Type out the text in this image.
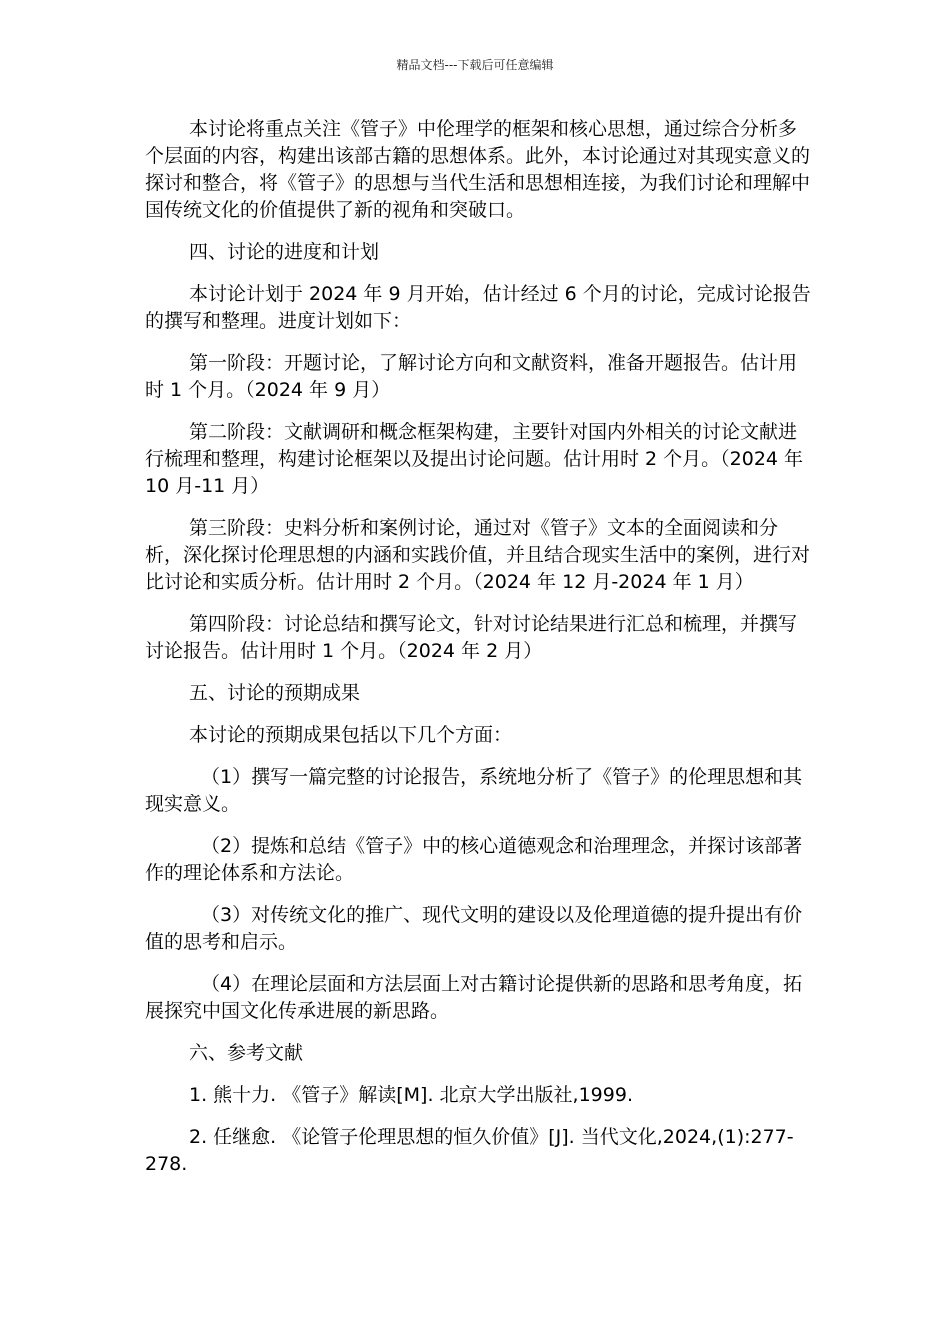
精品文档---下载后可任意编辑

本讨论将重点关注《管子》中伦理学的框架和核心思想，通过综合分析多个层面的内容，构建出该部古籍的思想体系。此外，本讨论通过对其现实意义的探讨和整合，将《管子》的思想与当代生活和思想相连接，为我们讨论和理解中国传统文化的价值提供了新的视角和突破口。

四、讨论的进度和计划

本讨论计划于 2024 年 9 月开始，估计经过 6 个月的讨论，完成讨论报告的撰写和整理。进度计划如下：

第一阶段：开题讨论，了解讨论方向和文献资料，准备开题报告。估计用时 1 个月。（2024 年 9 月）

第二阶段：文献调研和概念框架构建，主要针对国内外相关的讨论文献进行梳理和整理，构建讨论框架以及提出讨论问题。估计用时 2 个月。（2024 年 10 月-11 月）

第三阶段：史料分析和案例讨论，通过对《管子》文本的全面阅读和分析，深化探讨伦理思想的内涵和实践价值，并且结合现实生活中的案例，进行对比讨论和实质分析。估计用时 2 个月。（2024 年 12 月-2024 年 1 月）

第四阶段：讨论总结和撰写论文，针对讨论结果进行汇总和梳理，并撰写讨论报告。估计用时 1 个月。（2024 年 2 月）

五、讨论的预期成果

本讨论的预期成果包括以下几个方面：

（1）撰写一篇完整的讨论报告，系统地分析了《管子》的伦理思想和其现实意义。

（2）提炼和总结《管子》中的核心道德观念和治理理念，并探讨该部著作的理论体系和方法论。

（3）对传统文化的推广、现代文明的建设以及伦理道德的提升提出有价值的思考和启示。

（4）在理论层面和方法层面上对古籍讨论提供新的思路和思考角度，拓展探究中国文化传承进展的新思路。

六、参考文献

1. 熊十力. 《管子》解读[M]. 北京大学出版社,1999.

2. 任继愈. 《论管子伦理思想的恒久价值》[J]. 当代文化,2024,(1):277-278.
